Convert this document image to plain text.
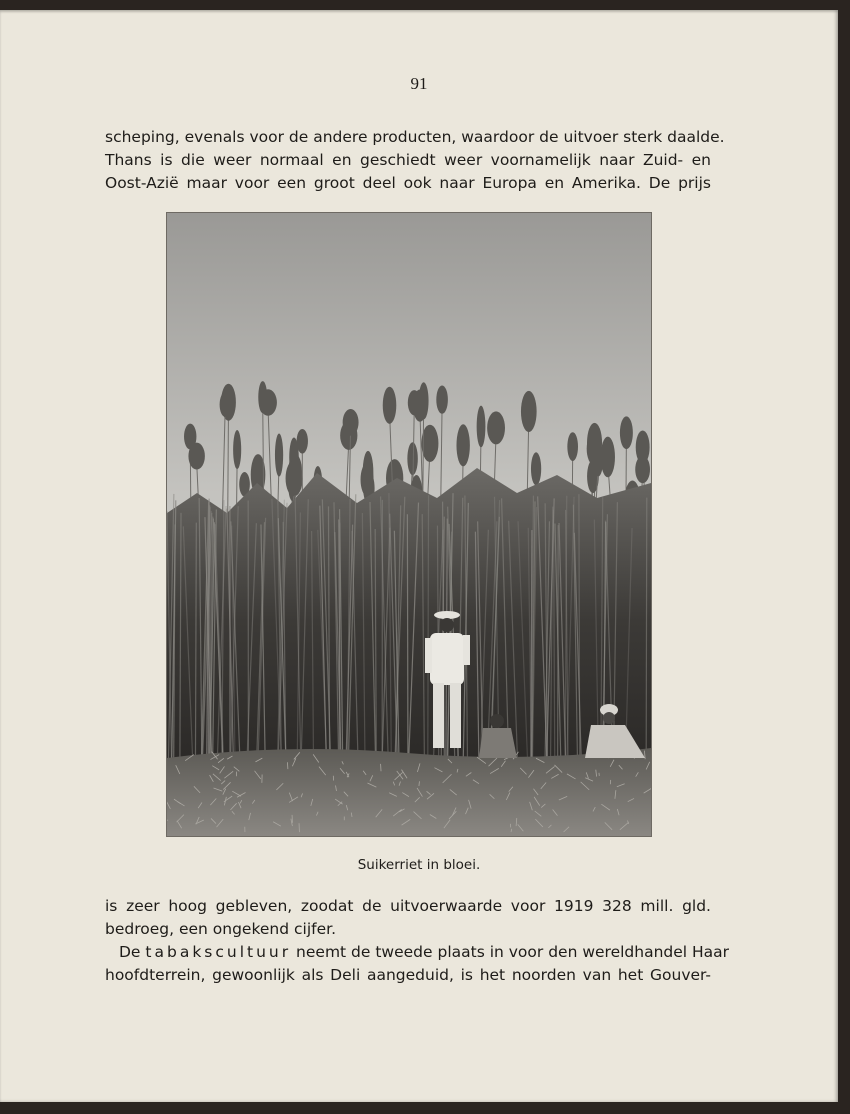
91
scheping, evenals voor de andere producten, waardoor de uitvoer sterk daalde.
Thans is die weer normaal en geschiedt weer voornamelijk naar Zuid- en
Oost-Azië maar voor een groot deel ook naar Europa en Amerika. De prijs
Suikerriet in bloei.
is zeer hoog gebleven, zoodat de uitvoerwaarde voor 1919 328 mill. gld.
bedroeg, een ongekend cijfer.
De tabakscultuur neemt de tweede plaats in voor den wereldhandel Haar
hoofdterrein, gewoonlijk als Deli aangeduid, is het noorden van het Gouver-
